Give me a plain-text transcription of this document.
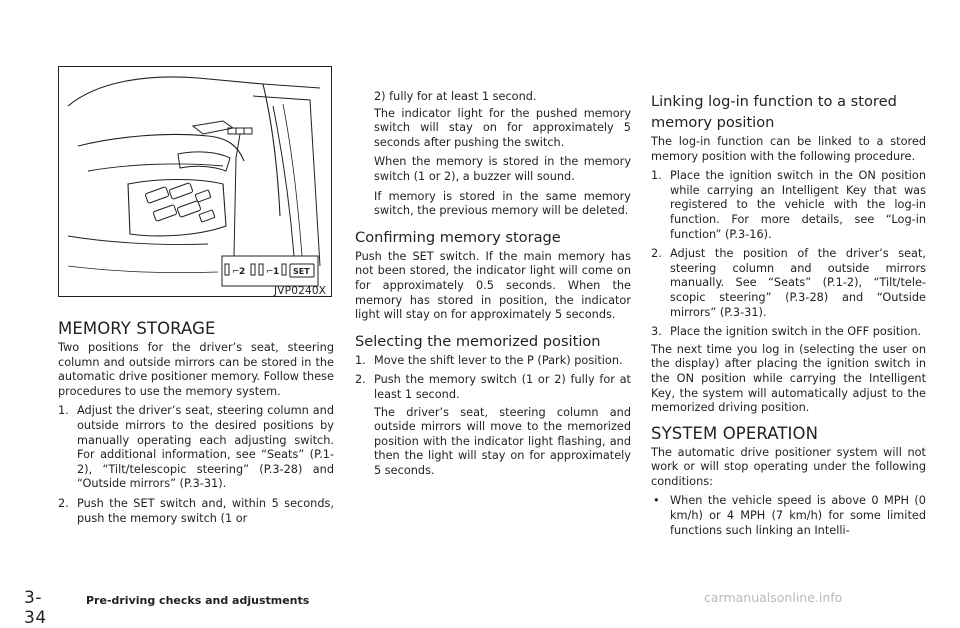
⌐ 2 ⌐ 1 SET
JVP0240X
MEMORY STORAGE

Two positions for the driver’s seat, steering column and outside mirrors can be stored in the automatic drive positioner memory. Follow these procedures to use the memory system.

1. Adjust the driver’s seat, steering column and outside mirrors to the desired positions by manually operating each adjusting switch. For additional information, see “Seats” (P.1-2), “Tilt/telescopic steering” (P.3-28) and “Outside mirrors” (P.3-31).
2. Push the SET switch and, within 5 seconds, push the memory switch (1 or

2) fully for at least 1 second.

The indicator light for the pushed memory switch will stay on for approximately 5 seconds after pushing the switch.

When the memory is stored in the memory switch (1 or 2), a buzzer will sound.

If memory is stored in the same memory switch, the previous memory will be deleted.

Confirming memory storage

Push the SET switch. If the main memory has not been stored, the indicator light will come on for approximately 0.5 seconds. When the memory has stored in position, the indicator light will stay on for approximately 5 seconds.

Selecting the memorized position
1. Move the shift lever to the P (Park) position.
2. Push the memory switch (1 or 2) fully for at least 1 second.

The driver’s seat, steering column and outside mirrors will move to the memorized position with the indicator light flashing, and then the light will stay on for approximately 5 seconds.

Linking log-in function to a stored
memory position

The log-in function can be linked to a stored memory position with the following procedure.

1. Place the ignition switch in the ON position while carrying an Intelligent Key that was registered to the vehicle with the log-in function. For more details, see “Log-in function” (P.3-16).
2. Adjust the position of the driver’s seat, steering column and outside mirrors manually. See “Seats” (P.1-2), “Tilt/telescopic steering” (P.3-28) and “Outside mirrors” (P.3-31).
3. Place the ignition switch in the OFF position.

The next time you log in (selecting the user on the display) after placing the ignition switch in the ON position while carrying the Intelligent Key, the system will automatically adjust to the memorized driving position.

SYSTEM OPERATION

The automatic drive positioner system will not work or will stop operating under the following conditions:

• When the vehicle speed is above 0 MPH (0 km/h) or 4 MPH (7 km/h) for some limited functions such linking an Intelli-
3-34
Pre-driving checks and adjustments	carmanualsonline.info
